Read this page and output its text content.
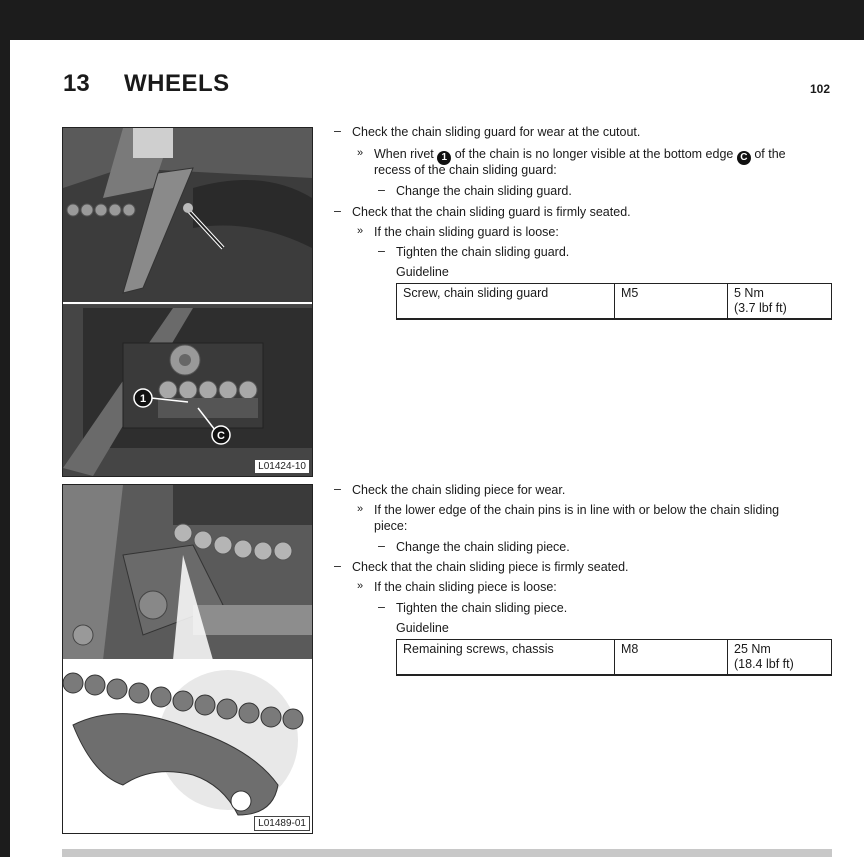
13 WHEELS	102
1
C
L01424-10
L01489-01
– Check the chain sliding guard for wear at the cutout.
» When rivet 1 of the chain is no longer visible at the bottom edge C of the
recess of the chain sliding guard:
– Change the chain sliding guard.
– Check that the chain sliding guard is firmly seated.
» If the chain sliding guard is loose:
– Tighten the chain sliding guard.
Guideline
Screw, chain sliding guard	M5	5 Nm
(3.7 lbf ft)
– Check the chain sliding piece for wear.
» If the lower edge of the chain pins is in line with or below the chain sliding
piece:
– Change the chain sliding piece.
– Check that the chain sliding piece is firmly seated.
» If the chain sliding piece is loose:
– Tighten the chain sliding piece.
Guideline
Remaining screws, chassis	M8	25 Nm
(18.4 lbf ft)
